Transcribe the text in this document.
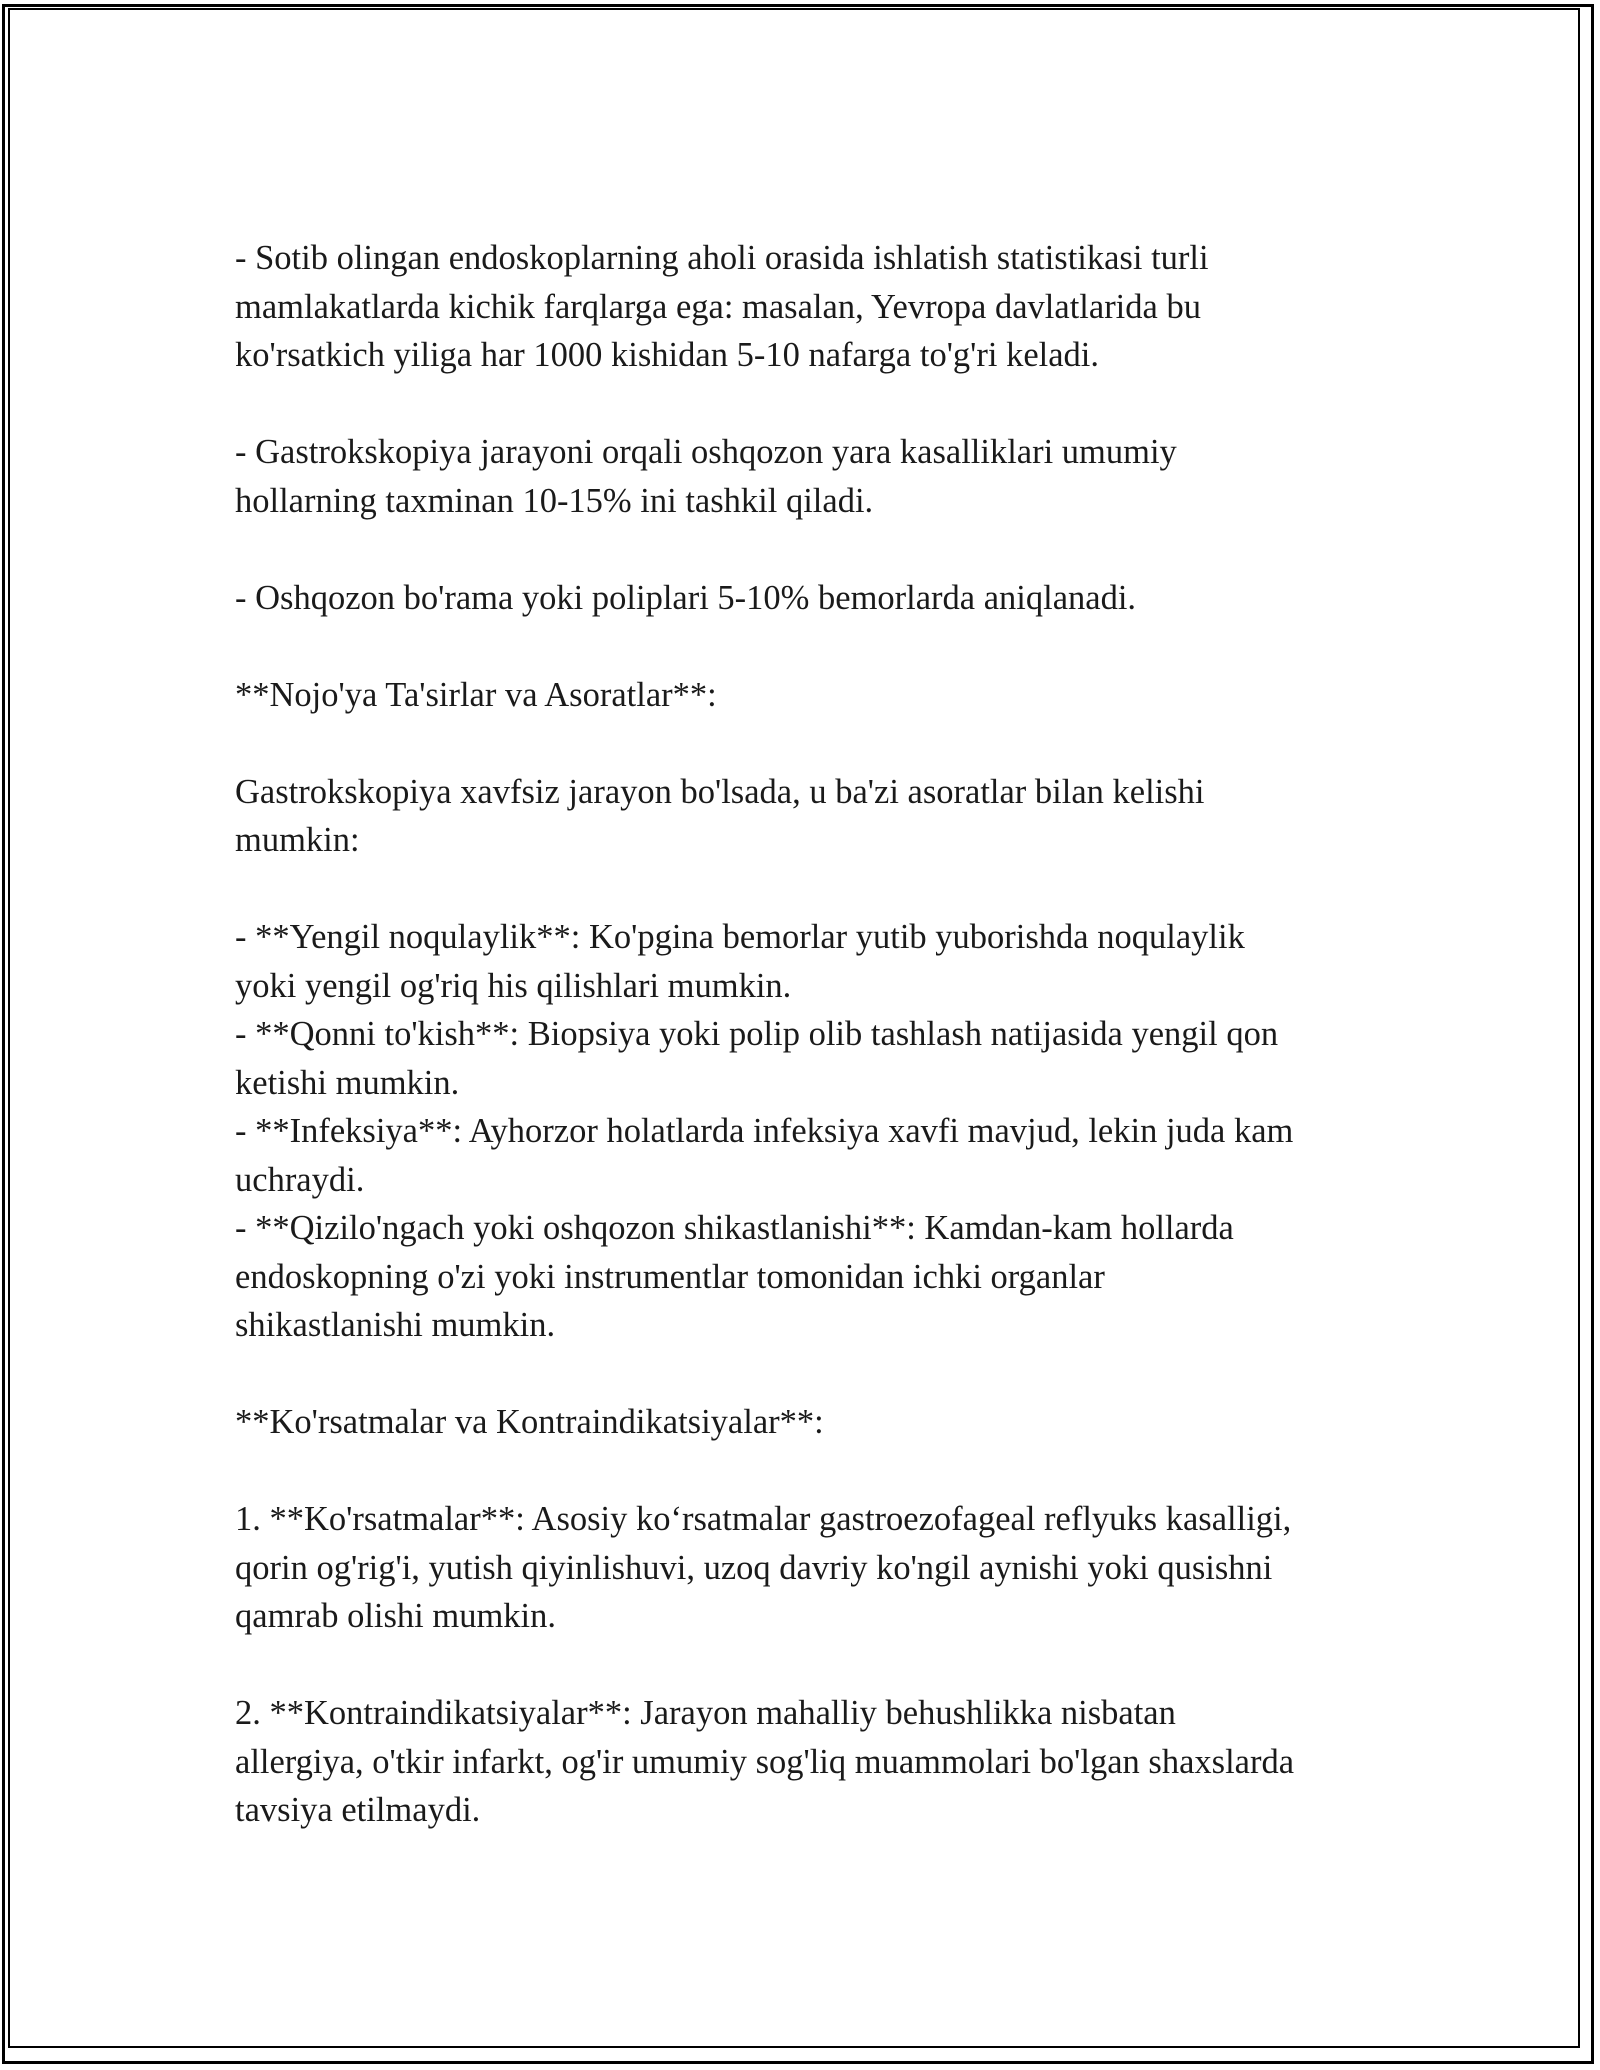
- Sotib olingan endoskoplarning aholi orasida ishlatish statistikasi turli
mamlakatlarda kichik farqlarga ega: masalan, Yevropa davlatlarida bu
ko'rsatkich yiliga har 1000 kishidan 5-10 nafarga to'g'ri keladi.

- Gastrokskopiya jarayoni orqali oshqozon yara kasalliklari umumiy
hollarning taxminan 10-15% ini tashkil qiladi.

- Oshqozon bo'rama yoki poliplari 5-10% bemorlarda aniqlanadi.

**Nojo'ya Ta'sirlar va Asoratlar**:

Gastrokskopiya xavfsiz jarayon bo'lsada, u ba'zi asoratlar bilan kelishi
mumkin:

- **Yengil noqulaylik**: Ko'pgina bemorlar yutib yuborishda noqulaylik
yoki yengil og'riq his qilishlari mumkin.
- **Qonni to'kish**: Biopsiya yoki polip olib tashlash natijasida yengil qon
ketishi mumkin.
- **Infeksiya**: Ayhorzor holatlarda infeksiya xavfi mavjud, lekin juda kam
uchraydi.
- **Qizilo'ngach yoki oshqozon shikastlanishi**: Kamdan-kam hollarda
endoskopning o'zi yoki instrumentlar tomonidan ichki organlar
shikastlanishi mumkin.

**Ko'rsatmalar va Kontraindikatsiyalar**:

1. **Ko'rsatmalar**: Asosiy ko‘rsatmalar gastroezofageal reflyuks kasalligi,
qorin og'rig'i, yutish qiyinlishuvi, uzoq davriy ko'ngil aynishi yoki qusishni
qamrab olishi mumkin.

2. **Kontraindikatsiyalar**: Jarayon mahalliy behushlikka nisbatan
allergiya, o'tkir infarkt, og'ir umumiy sog'liq muammolari bo'lgan shaxslarda
tavsiya etilmaydi.
